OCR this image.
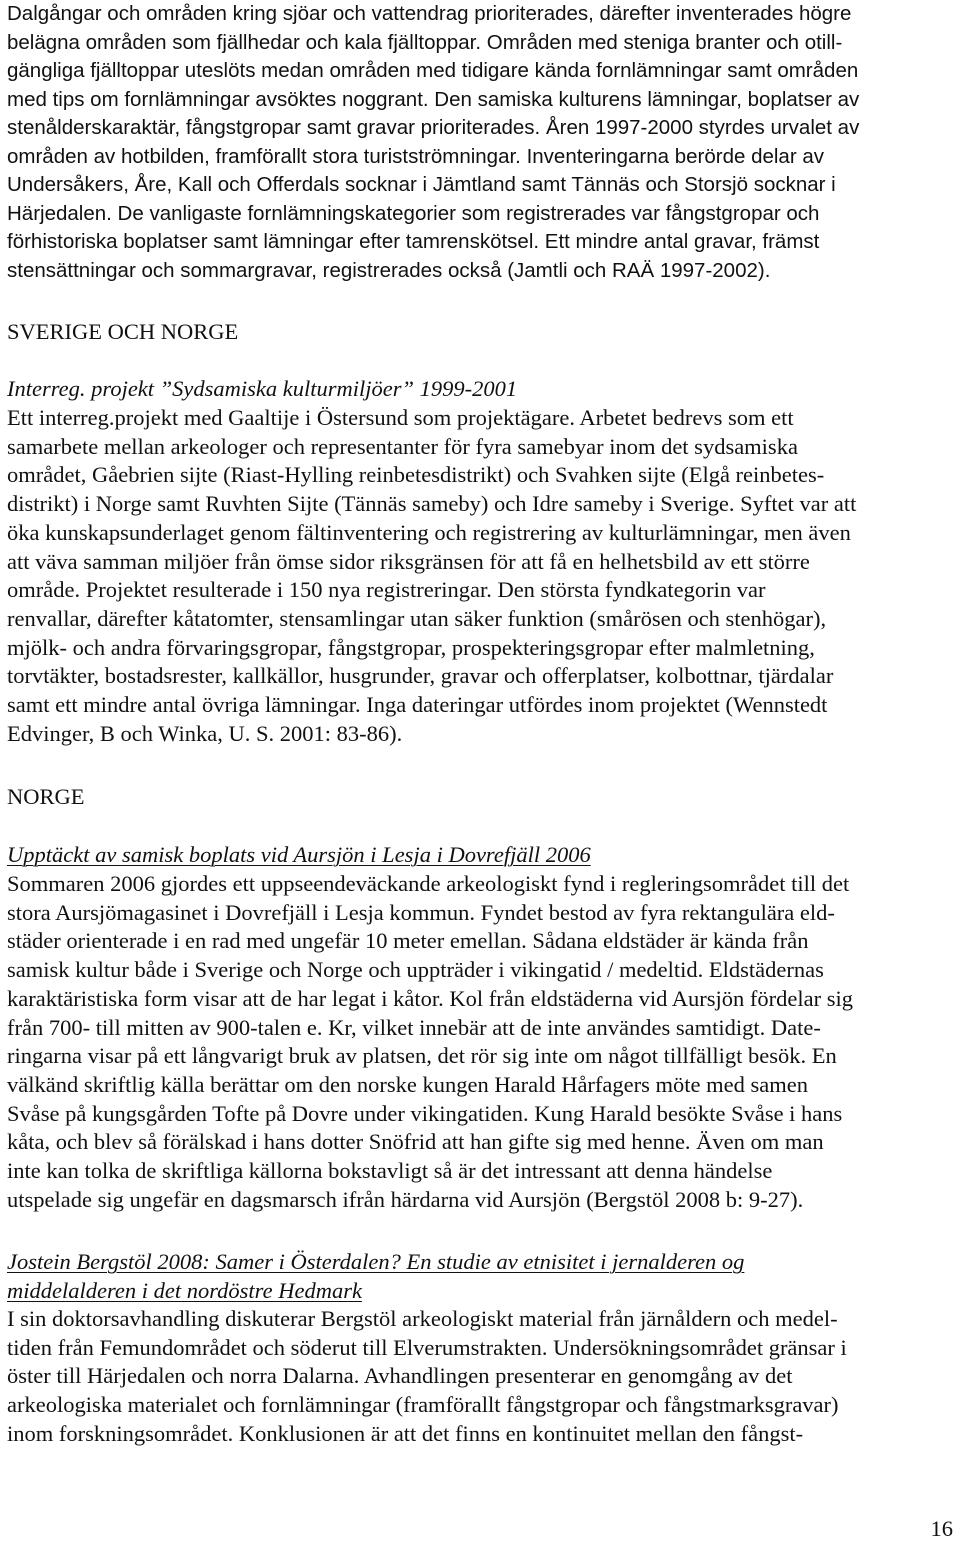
Dalgångar och områden kring sjöar och vattendrag prioriterades, därefter inventerades högre
belägna områden som fjällhedar och kala fjälltoppar. Områden med steniga branter och otill-
gängliga fjälltoppar uteslöts medan områden med tidigare kända fornlämningar samt områden
med tips om fornlämningar avsöktes noggrant. Den samiska kulturens lämningar, boplatser av
stenålderskaraktär, fångstgropar samt gravar prioriterades. Åren 1997-2000 styrdes urvalet av
områden av hotbilden, framförallt stora turistströmningar. Inventeringarna berörde delar av
Undersåkers, Åre, Kall och Offerdals socknar i Jämtland samt Tännäs och Storsjö socknar i
Härjedalen. De vanligaste fornlämningskategorier som registrerades var fångstgropar och
förhistoriska boplatser samt lämningar efter tamrenskötsel. Ett mindre antal gravar, främst
stensättningar och sommargravar, registrerades också (Jamtli och RAÄ 1997-2002).

SVERIGE OCH NORGE

Interreg. projekt ”Sydsamiska kulturmiljöer” 1999-2001

Ett interreg.projekt med Gaaltije i Östersund som projektägare. Arbetet bedrevs som ett
samarbete mellan arkeologer och representanter för fyra samebyar inom det sydsamiska
området, Gåebrien sijte (Riast-Hylling reinbetesdistrikt) och Svahken sijte (Elgå reinbetes-
distrikt) i Norge samt Ruvhten Sijte (Tännäs sameby) och Idre sameby i Sverige. Syftet var att
öka kunskapsunderlaget genom fältinventering och registrering av kulturlämningar, men även
att väva samman miljöer från ömse sidor riksgränsen för att få en helhetsbild av ett större
område. Projektet resulterade i 150 nya registreringar. Den största fyndkategorin var
renvallar, därefter kåtatomter, stensamlingar utan säker funktion (smårösen och stenhögar),
mjölk- och andra förvaringsgropar, fångstgropar, prospekteringsgropar efter malmletning,
torvtäkter, bostadsrester, kallkällor, husgrunder, gravar och offerplatser, kolbottnar, tjärdalar
samt ett mindre antal övriga lämningar. Inga dateringar utfördes inom projektet (Wennstedt
Edvinger, B och Winka, U. S. 2001: 83-86).

NORGE

Upptäckt av samisk boplats vid Aursjön i Lesja i Dovrefjäll 2006

Sommaren 2006 gjordes ett uppseendeväckande arkeologiskt fynd i regleringsområdet till det
stora Aursjömagasinet i Dovrefjäll i Lesja kommun. Fyndet bestod av fyra rektangulära eld-
städer orienterade i en rad med ungefär 10 meter emellan. Sådana eldstäder är kända från
samisk kultur både i Sverige och Norge och uppträder i vikingatid / medeltid. Eldstädernas
karaktäristiska form visar att de har legat i kåtor. Kol från eldstäderna vid Aursjön fördelar sig
från 700- till mitten av 900-talen e. Kr, vilket innebär att de inte användes samtidigt. Date-
ringarna visar på ett långvarigt bruk av platsen, det rör sig inte om något tillfälligt besök. En
välkänd skriftlig källa berättar om den norske kungen Harald Hårfagers möte med samen
Svåse på kungsgården Tofte på Dovre under vikingatiden. Kung Harald besökte Svåse i hans
kåta, och blev så förälskad i hans dotter Snöfrid att han gifte sig med henne. Även om man
inte kan tolka de skriftliga källorna bokstavligt så är det intressant att denna händelse
utspelade sig ungefär en dagsmarsch ifrån härdarna vid Aursjön (Bergstöl 2008 b: 9-27).

Jostein Bergstöl 2008: Samer i Österdalen? En studie av etnisitet i jernalderen og
middelalderen i det nordöstre Hedmark

I sin doktorsavhandling diskuterar Bergstöl arkeologiskt material från järnåldern och medel-
tiden från Femundområdet och söderut till Elverumstrakten. Undersökningsområdet gränsar i
öster till Härjedalen och norra Dalarna. Avhandlingen presenterar en genomgång av det
arkeologiska materialet och fornlämningar (framförallt fångstgropar och fångstmarksgravar)
inom forskningsområdet. Konklusionen är att det finns en kontinuitet mellan den fångst-

16
